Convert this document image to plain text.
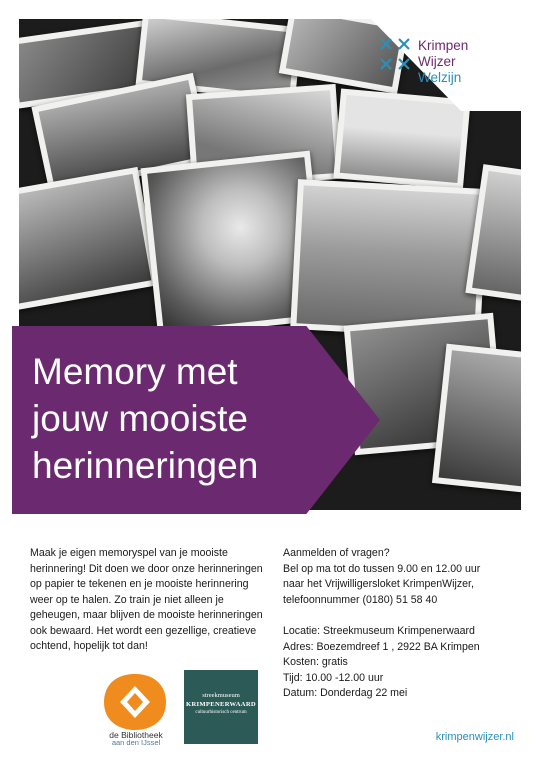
Krimpen
Wijzer
Welzijn
Memory met
jouw mooiste
herinneringen

Maak je eigen memoryspel van je mooiste herinnering! Dit doen we door onze herinneringen op papier te tekenen en je mooiste herinnering weer op te halen. Zo train je niet alleen je geheugen, maar blijven de mooiste herinneringen ook bewaard. Het wordt een gezellige, creatieve ochtend, hopelijk tot dan!

Aanmelden of vragen?

Bel op ma tot do tussen 9.00 en 12.00 uur

naar het Vrijwilligersloket KrimpenWijzer,

telefoonnummer (0180) 51 58 40

Locatie: Streekmuseum Krimpenerwaard

Adres: Boezemdreef 1 , 2922 BA Krimpen

Kosten: gratis

Tijd: 10.00 -12.00 uur

Datum: Donderdag 22 mei

de Bibliotheek
aan den IJssel
streekmuseum
KRIMPENERWAARD
cultuurhistorisch centrum
krimpenwijzer.nl
